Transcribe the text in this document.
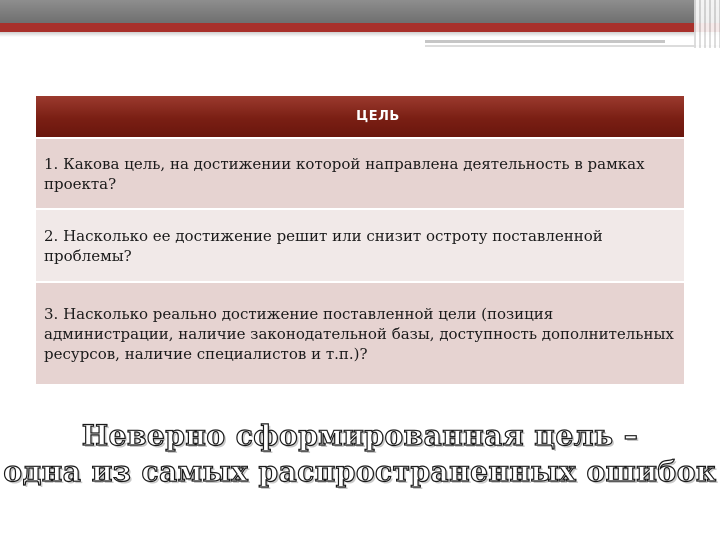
ЦЕЛЬ
1. Какова цель, на достижении которой направлена деятельность в рамках проекта?
2. Насколько ее достижение решит или снизит остроту поставленной проблемы?
3. Насколько реально достижение поставленной цели (позиция администрации, наличие законодательной базы, доступность дополнительных ресурсов, наличие специалистов и т.п.)?
Неверно сформированная цель –
одна из самых распространенных ошибок
